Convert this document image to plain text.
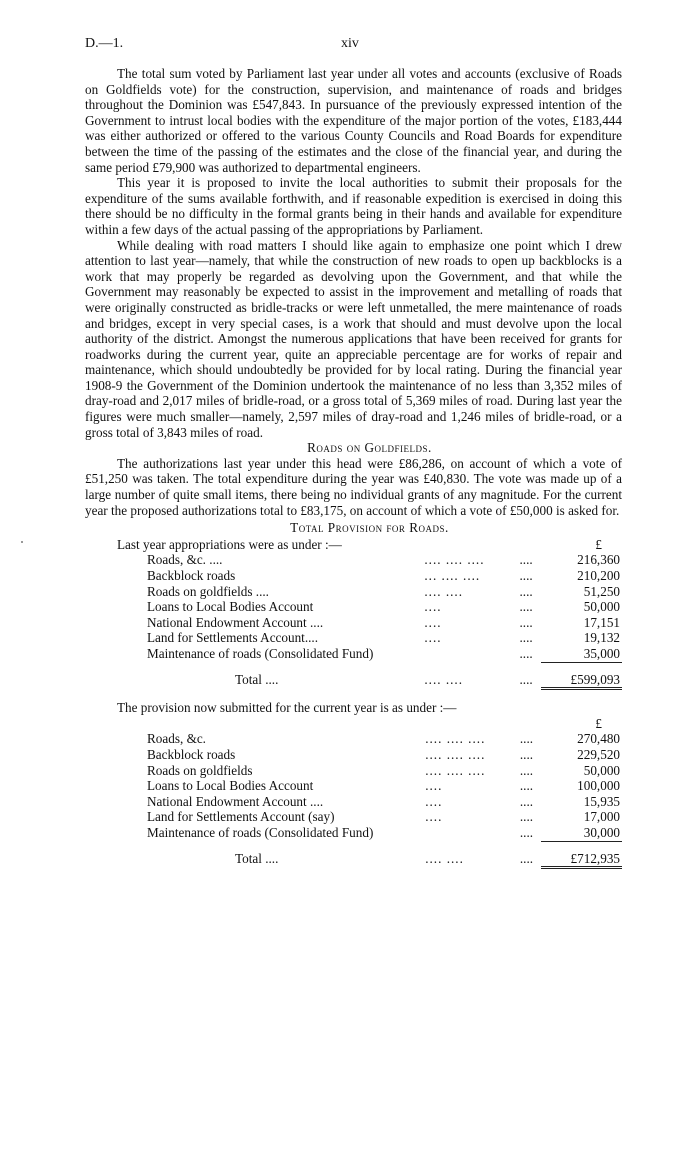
D.—1.	xiv

The total sum voted by Parliament last year under all votes and accounts (exclusive of Roads on Goldfields vote) for the construction, supervision, and maintenance of roads and bridges throughout the Dominion was £547,843. In pursuance of the previously expressed intention of the Government to intrust local bodies with the expenditure of the major portion of the votes, £183,444 was either authorized or offered to the various County Councils and Road Boards for expenditure between the time of the passing of the estimates and the close of the financial year, and during the same period £79,900 was authorized to departmental engineers.

This year it is proposed to invite the local authorities to submit their proposals for the expenditure of the sums available forthwith, and if reasonable expedition is exercised in doing this there should be no difficulty in the formal grants being in their hands and available for expenditure within a few days of the actual passing of the appropriations by Parliament.

While dealing with road matters I should like again to emphasize one point which I drew attention to last year—namely, that while the construction of new roads to open up backblocks is a work that may properly be regarded as devolving upon the Government, and that while the Government may reasonably be expected to assist in the improvement and metalling of roads that were originally constructed as bridle-tracks or were left unmetalled, the mere maintenance of roads and bridges, except in very special cases, is a work that should and must devolve upon the local authority of the district. Amongst the numerous applications that have been received for grants for roadworks during the current year, quite an appreciable percentage are for works of repair and maintenance, which should undoubtedly be provided for by local rating. During the financial year 1908-9 the Government of the Dominion undertook the maintenance of no less than 3,352 miles of dray-road and 2,017 miles of bridle-road, or a gross total of 5,369 miles of road. During last year the figures were much smaller—namely, 2,597 miles of dray-road and 1,246 miles of bridle-road, or a gross total of 3,843 miles of road.

Roads on Goldfields.

The authorizations last year under this head were £86,286, on account of which a vote of £51,250 was taken. The total expenditure during the year was £40,830. The vote was made up of a large number of quite small items, there being no individual grants of any magnitude. For the current year the proposed authorizations total to £83,175, on account of which a vote of £50,000 is asked for.

Total Provision for Roads.

Last year appropriations were as under :—			£
Roads, &c. ....	.... .... ....	....	216,360
Backblock roads	... .... ....	....	210,200
Roads on goldfields ....	.... ....	....	51,250
Loans to Local Bodies Account	....	....	50,000
National Endowment Account ....	....	....	17,151
Land for Settlements Account....	....	....	19,132
Maintenance of roads (Consolidated Fund)		....	35,000
Total ....	.... ....	....	£599,093
The provision now submitted for the current year is as under :—			
			£
Roads, &c.	.... .... ....	....	270,480
Backblock roads	.... .... ....	....	229,520
Roads on goldfields	.... .... ....	....	50,000
Loans to Local Bodies Account	....	....	100,000
National Endowment Account ....	....	....	15,935
Land for Settlements Account (say)	....	....	17,000
Maintenance of roads (Consolidated Fund)		....	30,000
Total ....	.... ....	....	£712,935
